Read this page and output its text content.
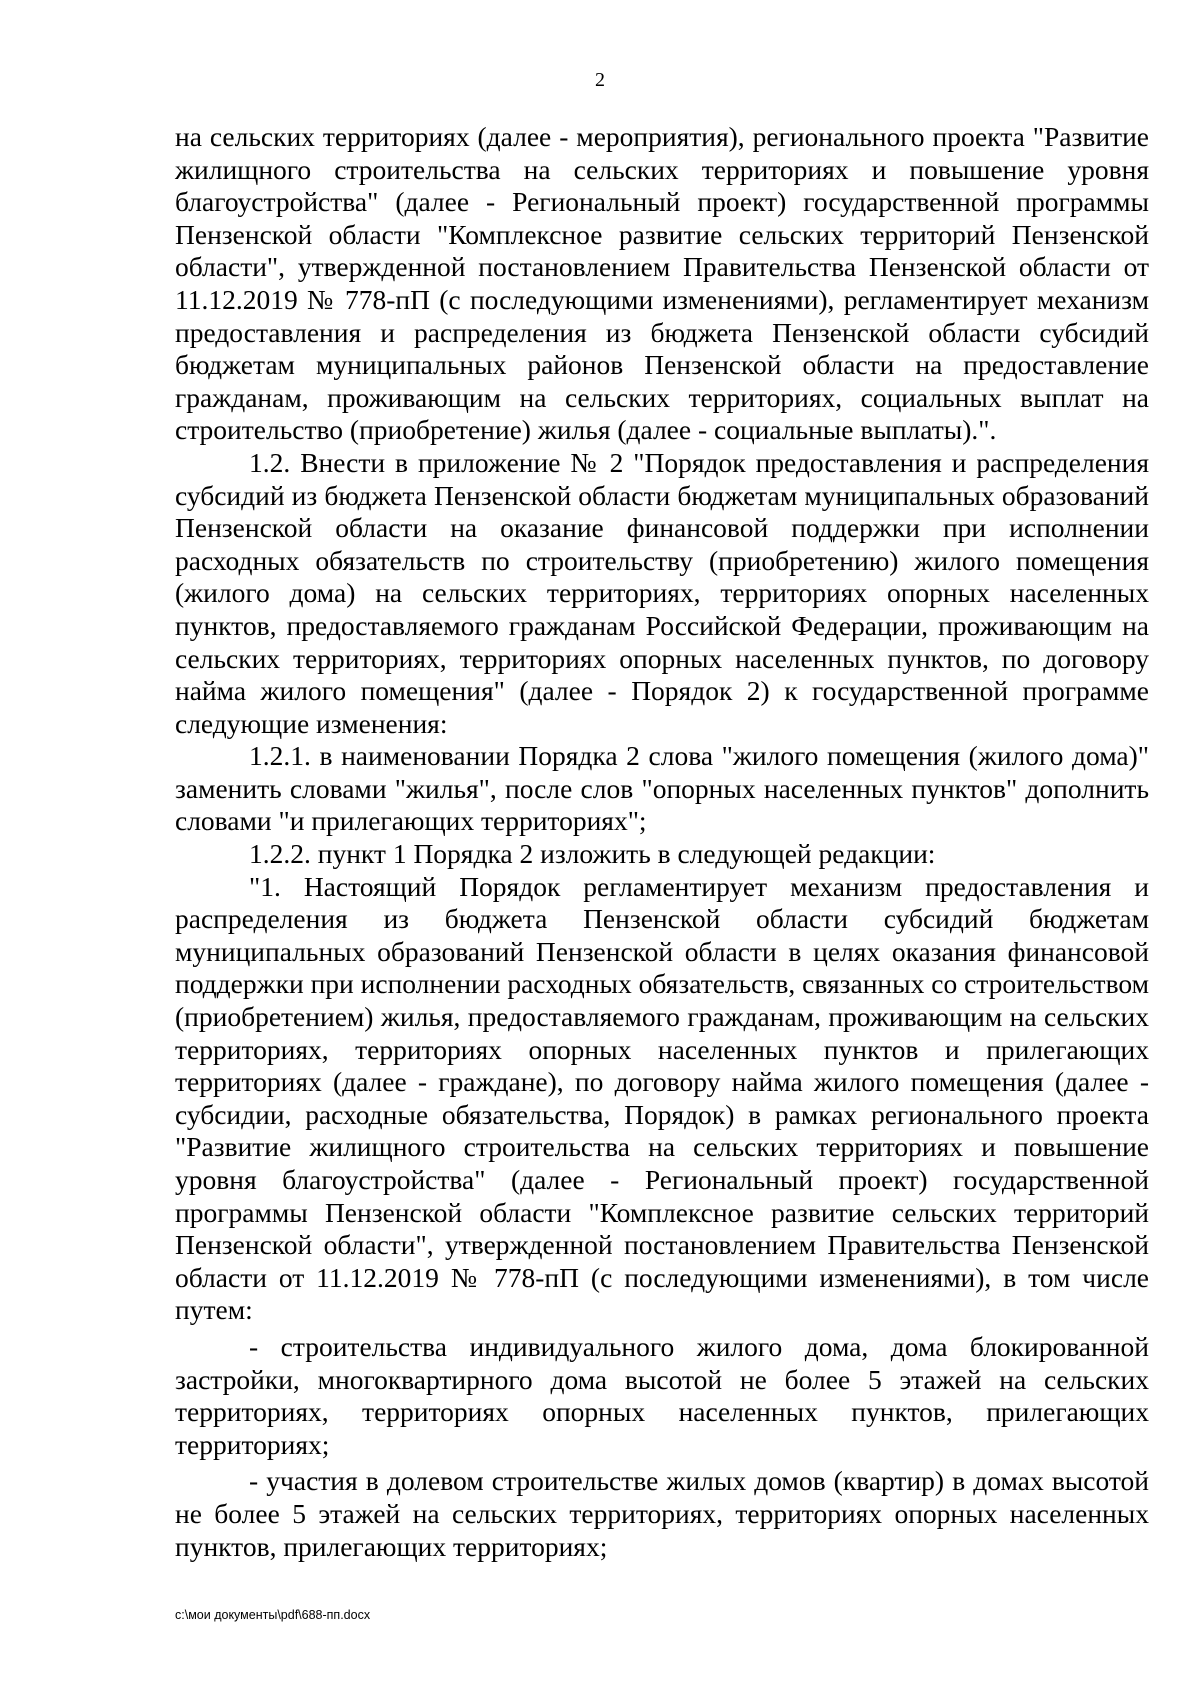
2

на сельских территориях (далее - мероприятия), регионального проекта "Развитие жилищного строительства на сельских территориях и повышение уровня благоустройства" (далее - Региональный проект) государственной программы Пензенской области "Комплексное развитие сельских территорий Пензенской области", утвержденной постановлением Правительства Пензенской области от 11.12.2019 № 778-пП (с последующими изменениями), регламентирует механизм предоставления и распределения из бюджета Пензенской области субсидий бюджетам муниципальных районов Пензенской области на предоставление гражданам, проживающим на сельских территориях, социальных выплат на строительство (приобретение) жилья (далее - социальные выплаты).".

1.2. Внести в приложение № 2 "Порядок предоставления и распределения субсидий из бюджета Пензенской области бюджетам муниципальных образований Пензенской области на оказание финансовой поддержки при исполнении расходных обязательств по строительству (приобретению) жилого помещения (жилого дома) на сельских территориях, территориях опорных населенных пунктов, предоставляемого гражданам Российской Федерации, проживающим на сельских территориях, территориях опорных населенных пунктов, по договору найма жилого помещения" (далее - Порядок 2) к государственной программе следующие изменения:

1.2.1. в наименовании Порядка 2 слова "жилого помещения (жилого дома)" заменить словами "жилья", после слов "опорных населенных пунктов" дополнить словами "и прилегающих территориях";

1.2.2. пункт 1 Порядка 2 изложить в следующей редакции:

"1. Настоящий Порядок регламентирует механизм предоставления и распределения из бюджета Пензенской области субсидий бюджетам муниципальных образований Пензенской области в целях оказания финансовой поддержки при исполнении расходных обязательств, связанных со строительством (приобретением) жилья, предоставляемого гражданам, проживающим на сельских территориях, территориях опорных населенных пунктов и прилегающих территориях (далее - граждане), по договору найма жилого помещения (далее - субсидии, расходные обязательства, Порядок) в рамках регионального проекта "Развитие жилищного строительства на сельских территориях и повышение уровня благоустройства" (далее - Региональный проект) государственной программы Пензенской области "Комплексное развитие сельских территорий Пензенской области", утвержденной постановлением Правительства Пензенской области от 11.12.2019 № 778-пП (с последующими изменениями), в том числе путем:

- строительства индивидуального жилого дома, дома блокированной застройки, многоквартирного дома высотой не более 5 этажей на сельских территориях, территориях опорных населенных пунктов, прилегающих территориях;

- участия в долевом строительстве жилых домов (квартир) в домах высотой не более 5 этажей на сельских территориях, территориях опорных населенных пунктов, прилегающих территориях;

c:\мои документы\pdf\688-пп.docx
